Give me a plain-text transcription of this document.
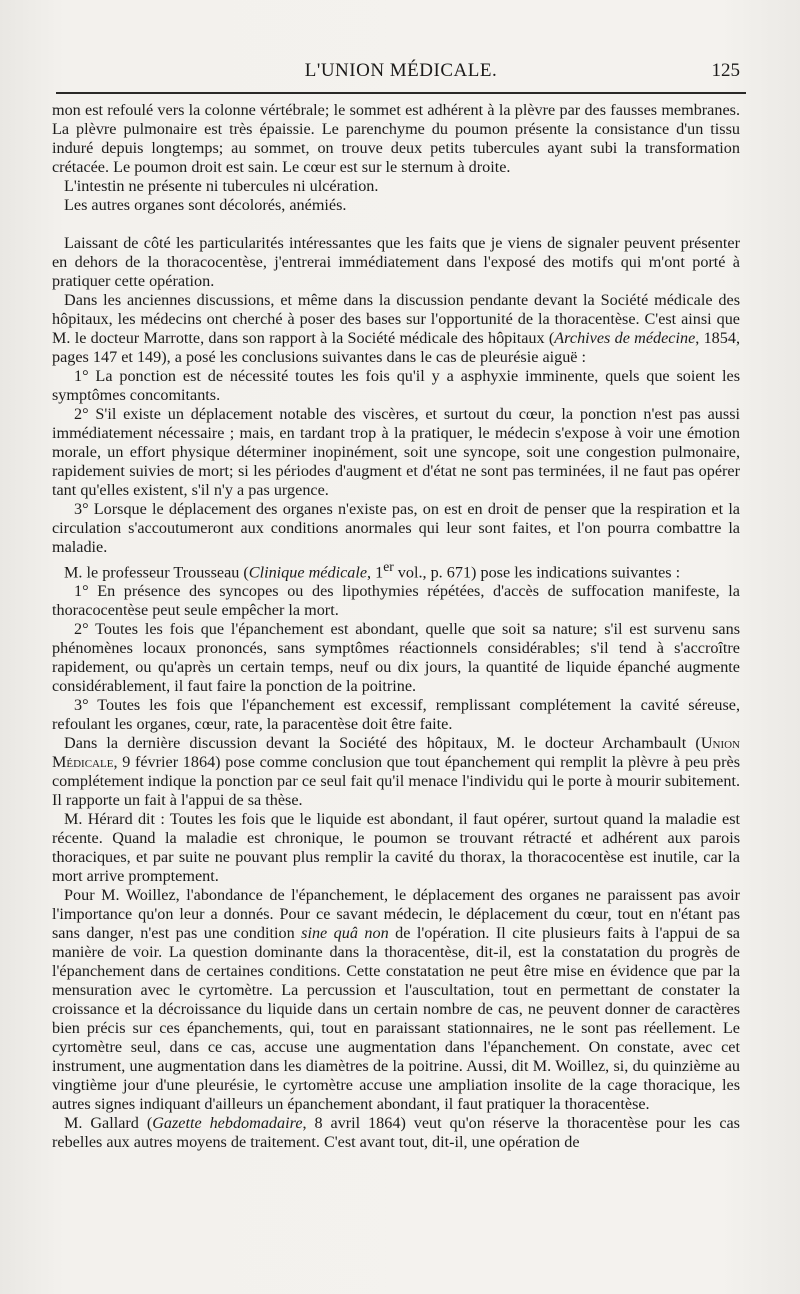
L'UNION MÉDICALE.	125

mon est refoulé vers la colonne vértébrale; le sommet est adhérent à la plèvre par des fausses membranes. La plèvre pulmonaire est très épaissie. Le parenchyme du poumon présente la consistance d'un tissu induré depuis longtemps; au sommet, on trouve deux petits tubercules ayant subi la transformation crétacée. Le poumon droit est sain. Le cœur est sur le sternum à droite.

L'intestin ne présente ni tubercules ni ulcération.

Les autres organes sont décolorés, anémiés.

Laissant de côté les particularités intéressantes que les faits que je viens de signaler peuvent présenter en dehors de la thoracocentèse, j'entrerai immédiatement dans l'exposé des motifs qui m'ont porté à pratiquer cette opération.

Dans les anciennes discussions, et même dans la discussion pendante devant la Société médicale des hôpitaux, les médecins ont cherché à poser des bases sur l'opportunité de la thoracentèse. C'est ainsi que M. le docteur Marrotte, dans son rapport à la Société médicale des hôpitaux (Archives de médecine, 1854, pages 147 et 149), a posé les conclusions suivantes dans le cas de pleurésie aiguë :

1° La ponction est de nécessité toutes les fois qu'il y a asphyxie imminente, quels que soient les symptômes concomitants.

2° S'il existe un déplacement notable des viscères, et surtout du cœur, la ponction n'est pas aussi immédiatement nécessaire ; mais, en tardant trop à la pratiquer, le médecin s'expose à voir une émotion morale, un effort physique déterminer inopinément, soit une syncope, soit une congestion pulmonaire, rapidement suivies de mort; si les périodes d'augment et d'état ne sont pas terminées, il ne faut pas opérer tant qu'elles existent, s'il n'y a pas urgence.

3° Lorsque le déplacement des organes n'existe pas, on est en droit de penser que la respiration et la circulation s'accoutumeront aux conditions anormales qui leur sont faites, et l'on pourra combattre la maladie.

M. le professeur Trousseau (Clinique médicale, 1er vol., p. 671) pose les indications suivantes :

1° En présence des syncopes ou des lipothymies répétées, d'accès de suffocation manifeste, la thoracocentèse peut seule empêcher la mort.

2° Toutes les fois que l'épanchement est abondant, quelle que soit sa nature; s'il est survenu sans phénomènes locaux prononcés, sans symptômes réactionnels considérables; s'il tend à s'accroître rapidement, ou qu'après un certain temps, neuf ou dix jours, la quantité de liquide épanché augmente considérablement, il faut faire la ponction de la poitrine.

3° Toutes les fois que l'épanchement est excessif, remplissant complétement la cavité séreuse, refoulant les organes, cœur, rate, la paracentèse doit être faite.

Dans la dernière discussion devant la Société des hôpitaux, M. le docteur Archambault (Union Médicale, 9 février 1864) pose comme conclusion que tout épanchement qui remplit la plèvre à peu près complétement indique la ponction par ce seul fait qu'il menace l'individu qui le porte à mourir subitement. Il rapporte un fait à l'appui de sa thèse.

M. Hérard dit : Toutes les fois que le liquide est abondant, il faut opérer, surtout quand la maladie est récente. Quand la maladie est chronique, le poumon se trouvant rétracté et adhérent aux parois thoraciques, et par suite ne pouvant plus remplir la cavité du thorax, la thoracocentèse est inutile, car la mort arrive promptement.

Pour M. Woillez, l'abondance de l'épanchement, le déplacement des organes ne paraissent pas avoir l'importance qu'on leur a donnés. Pour ce savant médecin, le déplacement du cœur, tout en n'étant pas sans danger, n'est pas une condition sine quâ non de l'opération. Il cite plusieurs faits à l'appui de sa manière de voir. La question dominante dans la thoracentèse, dit-il, est la constatation du progrès de l'épanchement dans de certaines conditions. Cette constatation ne peut être mise en évidence que par la mensuration avec le cyrtomètre. La percussion et l'auscultation, tout en permettant de constater la croissance et la décroissance du liquide dans un certain nombre de cas, ne peuvent donner de caractères bien précis sur ces épanchements, qui, tout en paraissant stationnaires, ne le sont pas réellement. Le cyrtomètre seul, dans ce cas, accuse une augmentation dans l'épanchement. On constate, avec cet instrument, une augmentation dans les diamètres de la poitrine. Aussi, dit M. Woillez, si, du quinzième au vingtième jour d'une pleurésie, le cyrtomètre accuse une ampliation insolite de la cage thoracique, les autres signes indiquant d'ailleurs un épanchement abondant, il faut pratiquer la thoracentèse.

M. Gallard (Gazette hebdomadaire, 8 avril 1864) veut qu'on réserve la thoracentèse pour les cas rebelles aux autres moyens de traitement. C'est avant tout, dit-il, une opération de
